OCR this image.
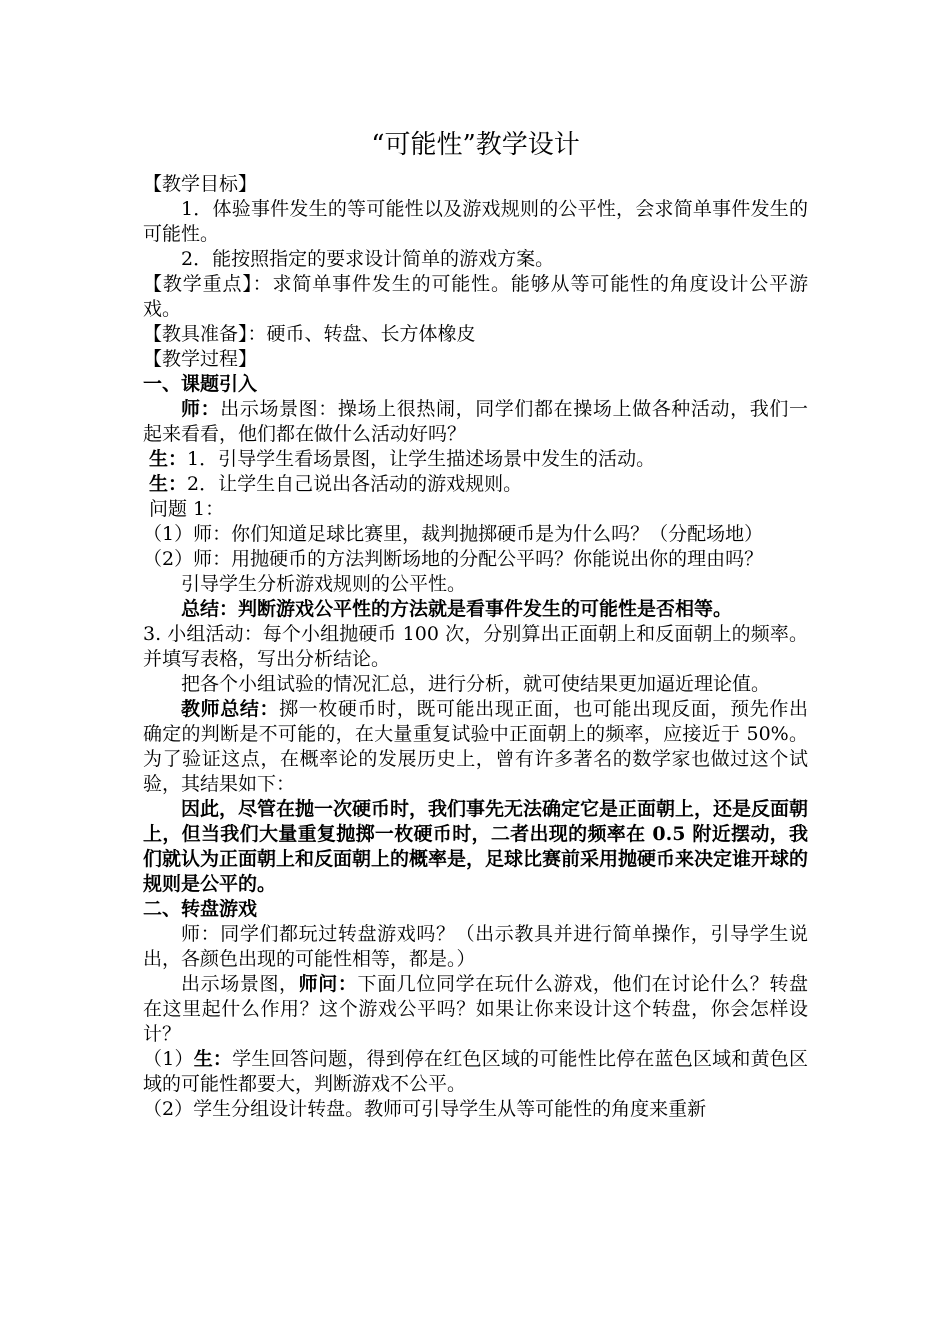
“可能性”教学设计

【教学目标】

1．体验事件发生的等可能性以及游戏规则的公平性，会求简单事件发生的可能性。

2．能按照指定的要求设计简单的游戏方案。

【教学重点】：求简单事件发生的可能性。能够从等可能性的角度设计公平游戏。

【教具准备】：硬币、转盘、长方体橡皮

【教学过程】

一、课题引入

师：出示场景图：操场上很热闹，同学们都在操场上做各种活动，我们一起来看看，他们都在做什么活动好吗？

生：1．引导学生看场景图，让学生描述场景中发生的活动。

生：2．让学生自己说出各活动的游戏规则。

问题 1：

（1）师：你们知道足球比赛里，裁判抛掷硬币是为什么吗？（分配场地）

（2）师：用抛硬币的方法判断场地的分配公平吗？你能说出你的理由吗？

引导学生分析游戏规则的公平性。

总结：判断游戏公平性的方法就是看事件发生的可能性是否相等。

3. 小组活动：每个小组抛硬币 100 次，分别算出正面朝上和反面朝上的频率。并填写表格，写出分析结论。

把各个小组试验的情况汇总，进行分析，就可使结果更加逼近理论值。

教师总结：掷一枚硬币时，既可能出现正面，也可能出现反面，预先作出确定的判断是不可能的，在大量重复试验中正面朝上的频率，应接近于 50%。为了验证这点，在概率论的发展历史上，曾有许多著名的数学家也做过这个试验，其结果如下：

因此，尽管在抛一次硬币时，我们事先无法确定它是正面朝上，还是反面朝上，但当我们大量重复抛掷一枚硬币时，二者出现的频率在 0.5 附近摆动，我们就认为正面朝上和反面朝上的概率是，足球比赛前采用抛硬币来决定谁开球的规则是公平的。

二、转盘游戏

师：同学们都玩过转盘游戏吗？（出示教具并进行简单操作，引导学生说出，各颜色出现的可能性相等，都是。）

出示场景图，师问：下面几位同学在玩什么游戏，他们在讨论什么？转盘在这里起什么作用？这个游戏公平吗？如果让你来设计这个转盘，你会怎样设计？

（1）生：学生回答问题，得到停在红色区域的可能性比停在蓝色区域和黄色区域的可能性都要大，判断游戏不公平。

（2）学生分组设计转盘。教师可引导学生从等可能性的角度来重新
